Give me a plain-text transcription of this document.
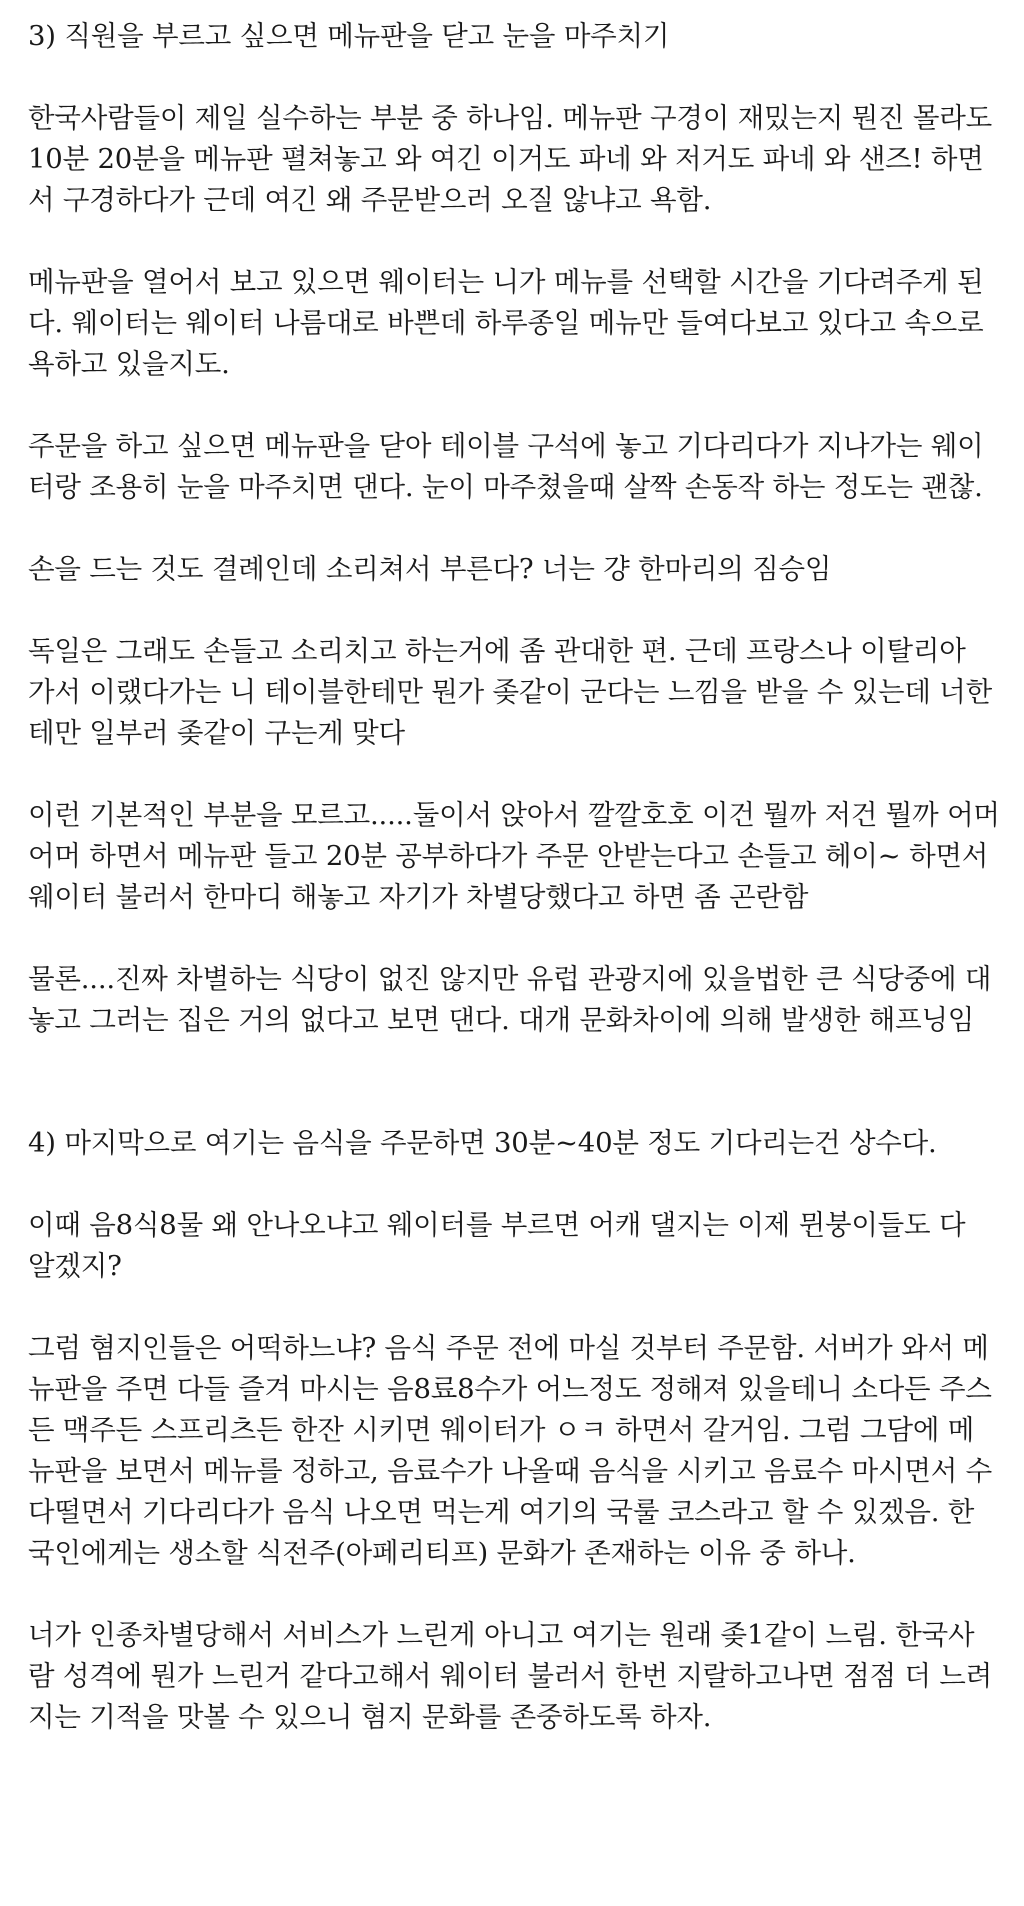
3) 직원을 부르고 싶으면 메뉴판을 닫고 눈을 마주치기

한국사람들이 제일 실수하는 부분 중 하나임. 메뉴판 구경이 재밌는지 뭔진 몰라도 10분 20분을 메뉴판 펼쳐놓고 와 여긴 이거도 파네 와 저거도 파네 와 샌즈! 하면서 구경하다가 근데 여긴 왜 주문받으러 오질 않냐고 욕함.

메뉴판을 열어서 보고 있으면 웨이터는 니가 메뉴를 선택할 시간을 기다려주게 된다. 웨이터는 웨이터 나름대로 바쁜데 하루종일 메뉴만 들여다보고 있다고 속으로 욕하고 있을지도.

주문을 하고 싶으면 메뉴판을 닫아 테이블 구석에 놓고 기다리다가 지나가는 웨이터랑 조용히 눈을 마주치면 댄다. 눈이 마주쳤을때 살짝 손동작 하는 정도는 괜찮.

손을 드는 것도 결례인데 소리쳐서 부른다? 너는 걍 한마리의 짐승임

독일은 그래도 손들고 소리치고 하는거에 좀 관대한 편. 근데 프랑스나 이탈리아 가서 이랬다가는 니 테이블한테만 뭔가 좆같이 군다는 느낌을 받을 수 있는데 너한테만 일부러 좆같이 구는게 맞다

이런 기본적인 부분을 모르고.....둘이서 앉아서 깔깔호호 이건 뭘까 저건 뭘까 어머어머 하면서 메뉴판 들고 20분 공부하다가 주문 안받는다고 손들고 헤이~ 하면서 웨이터 불러서 한마디 해놓고 자기가 차별당했다고 하면 좀 곤란함

물론....진짜 차별하는 식당이 없진 않지만 유럽 관광지에 있을법한 큰 식당중에 대놓고 그러는 집은 거의 없다고 보면 댄다. 대개 문화차이에 의해 발생한 해프닝임

4) 마지막으로 여기는 음식을 주문하면 30분~40분 정도 기다리는건 상수다.

이때 음8식8물 왜 안나오냐고 웨이터를 부르면 어캐 댈지는 이제 뮌붕이들도 다 알겠지?

그럼 혐지인들은 어떡하느냐? 음식 주문 전에 마실 것부터 주문함. 서버가 와서 메뉴판을 주면 다들 즐겨 마시는 음8료8수가 어느정도 정해져 있을테니 소다든 주스든 맥주든 스프리츠든 한잔 시키면 웨이터가 ㅇㅋ 하면서 갈거임. 그럼 그담에 메뉴판을 보면서 메뉴를 정하고, 음료수가 나올때 음식을 시키고 음료수 마시면서 수다떨면서 기다리다가 음식 나오면 먹는게 여기의 국룰 코스라고 할 수 있겠음. 한국인에게는 생소할 식전주(아페리티프) 문화가 존재하는 이유 중 하나.

너가 인종차별당해서 서비스가 느린게 아니고 여기는 원래 좆1같이 느림. 한국사람 성격에 뭔가 느린거 같다고해서 웨이터 불러서 한번 지랄하고나면 점점 더 느려지는 기적을 맛볼 수 있으니 혐지 문화를 존중하도록 하자.
